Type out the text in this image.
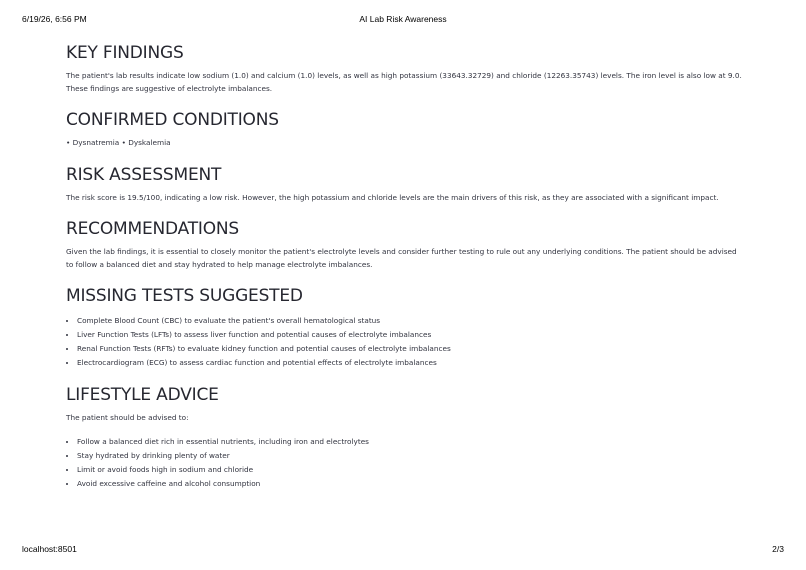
6/19/26, 6:56 PM	AI Lab Risk Awareness
KEY FINDINGS

The patient's lab results indicate low sodium (1.0) and calcium (1.0) levels, as well as high potassium (33643.32729) and chloride (12263.35743) levels. The iron level is also low at 9.0. These findings are suggestive of electrolyte imbalances.

CONFIRMED CONDITIONS

• Dysnatremia • Dyskalemia

RISK ASSESSMENT

The risk score is 19.5/100, indicating a low risk. However, the high potassium and chloride levels are the main drivers of this risk, as they are associated with a significant impact.

RECOMMENDATIONS

Given the lab findings, it is essential to closely monitor the patient's electrolyte levels and consider further testing to rule out any underlying conditions. The patient should be advised to follow a balanced diet and stay hydrated to help manage electrolyte imbalances.

MISSING TESTS SUGGESTED
• Complete Blood Count (CBC) to evaluate the patient's overall hematological status
• Liver Function Tests (LFTs) to assess liver function and potential causes of electrolyte imbalances
• Renal Function Tests (RFTs) to evaluate kidney function and potential causes of electrolyte imbalances
• Electrocardiogram (ECG) to assess cardiac function and potential effects of electrolyte imbalances
LIFESTYLE ADVICE

The patient should be advised to:

• Follow a balanced diet rich in essential nutrients, including iron and electrolytes
• Stay hydrated by drinking plenty of water
• Limit or avoid foods high in sodium and chloride
• Avoid excessive caffeine and alcohol consumption
localhost:8501	2/3
